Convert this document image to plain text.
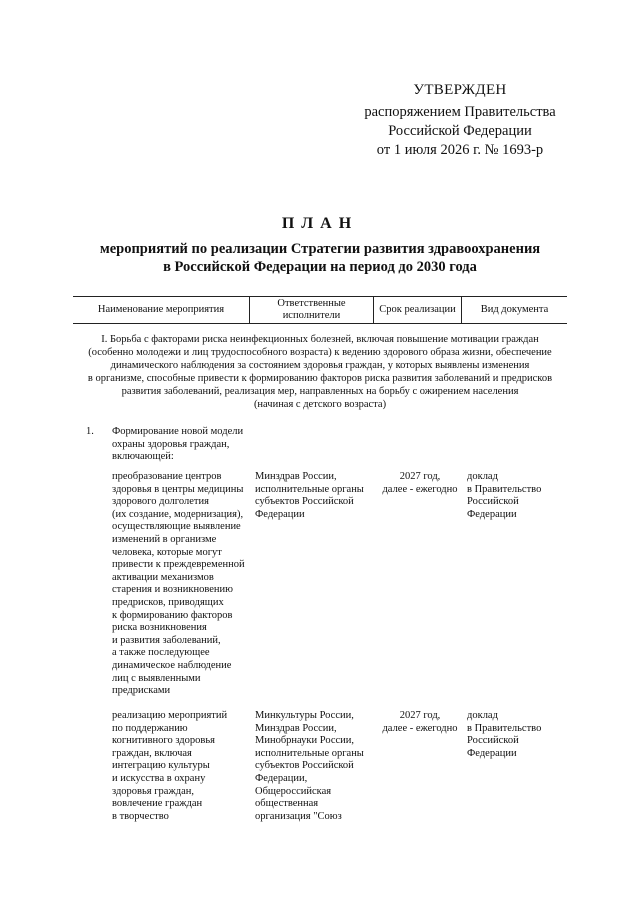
УТВЕРЖДЕН
распоряжением Правительства
Российской Федерации
от 1 июля 2026 г. № 1693-р
ПЛАН
мероприятий по реализации Стратегии развития здравоохранения
в Российской Федерации на период до 2030 года
Наименование мероприятия
Ответственные
исполнители
Срок реализации	Вид документа
I. Борьба с факторами риска неинфекционных болезней, включая повышение мотивации граждан
(особенно молодежи и лиц трудоспособного возраста) к ведению здорового образа жизни, обеспечение
динамического наблюдения за состоянием здоровья граждан, у которых выявлены изменения
в организме, способные привести к формированию факторов риска развития заболеваний и предрисков
развития заболеваний, реализация мер, направленных на борьбу с ожирением населения
(начиная с детского возраста)
1. Формирование новой модели
охраны здоровья граждан,
включающей:
преобразование центров
здоровья в центры медицины
здорового долголетия
(их создание, модернизация),
осуществляющие выявление
изменений в организме
человека, которые могут
привести к преждевременной
активации механизмов
старения и возникновению
предрисков, приводящих
к формированию факторов
риска возникновения
и развития заболеваний,
а также последующее
динамическое наблюдение
лиц с выявленными
предрисками
Минздрав России,
исполнительные органы
субъектов Российской
Федерации
2027 год,
далее - ежегодно
доклад
в Правительство
Российской
Федерации
реализацию мероприятий
по поддержанию
когнитивного здоровья
граждан, включая
интеграцию культуры
и искусства в охрану
здоровья граждан,
вовлечение граждан
в творчество
Минкультуры России,
Минздрав России,
Минобрнауки России,
исполнительные органы
субъектов Российской
Федерации,
Общероссийская
общественная
организация "Союз
2027 год,
далее - ежегодно
доклад
в Правительство
Российской
Федерации
